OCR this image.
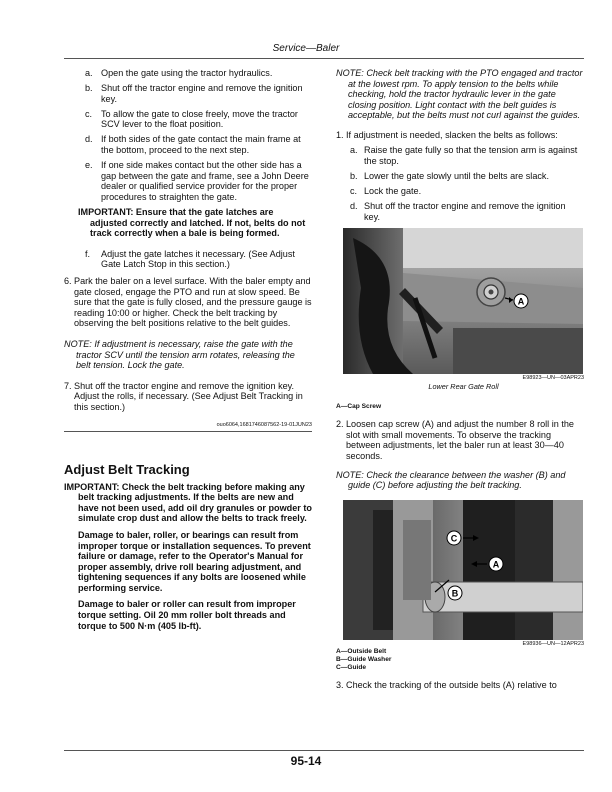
Service—Baler
a. Open the gate using the tractor hydraulics.
b. Shut off the tractor engine and remove the ignition key.
c. To allow the gate to close freely, move the tractor SCV lever to the float position.
d. If both sides of the gate contact the main frame at the bottom, proceed to the next step.
e. If one side makes contact but the other side has a gap between the gate and frame, see a John Deere dealer or qualified service provider for the proper procedures to straighten the gate.
IMPORTANT: Ensure that the gate latches are adjusted correctly and latched. If not, belts do not track correctly when a bale is being formed.
f. Adjust the gate latches it necessary. (See Adjust Gate Latch Stop in this section.)
6. Park the baler on a level surface. With the baler empty and gate closed, engage the PTO and run at slow speed. Be sure that the gate is fully closed, and the pressure gauge is reading 10:00 or higher. Check the belt tracking by observing the belt positions relative to the belt guides.
NOTE: If adjustment is necessary, raise the gate with the tractor SCV until the tension arm rotates, releasing the belt tension. Lock the gate.
7. Shut off the tractor engine and remove the ignition key. Adjust the rolls, if necessary. (See Adjust Belt Tracking in this section.)
ouo6064,1681746087562-19-01JUN23
Adjust Belt Tracking
IMPORTANT: Check the belt tracking before making any belt tracking adjustments. If the belts are new and have not been used, add oil dry granules or powder to simulate crop dust and allow the belts to track freely.
Damage to baler, roller, or bearings can result from improper torque or installation sequences. To prevent failure or damage, refer to the Operator's Manual for proper assembly, drive roll bearing adjustment, and tightening sequences if any bolts are loosened while performing service.
Damage to baler or roller can result from improper torque setting. Oil 20 mm roller bolt threads and torque to 500 N·m (405 lb-ft).
NOTE: Check belt tracking with the PTO engaged and tractor at the lowest rpm. To apply tension to the belts while checking, hold the tractor hydraulic lever in the gate closing position. Light contact with the belt guides is acceptable, but the belts must not curl against the guides.
1. If adjustment is needed, slacken the belts as follows:
a. Raise the gate fully so that the tension arm is against the stop.
b. Lower the gate slowly until the belts are slack.
c. Lock the gate.
d. Shut off the tractor engine and remove the ignition key.
A
E98923—UN—03APR23
Lower Rear Gate Roll
A—Cap Screw
2. Loosen cap screw (A) and adjust the number 8 roll in the slot with small movements. To observe the tracking between adjustments, let the baler run at least 30—40 seconds.
NOTE: Check the clearance between the washer (B) and guide (C) before adjusting the belt tracking.
C
A
B
E98936—UN—12APR23
A—Outside Belt
B—Guide Washer
C—Guide
3. Check the tracking of the outside belts (A) relative to
95-14
